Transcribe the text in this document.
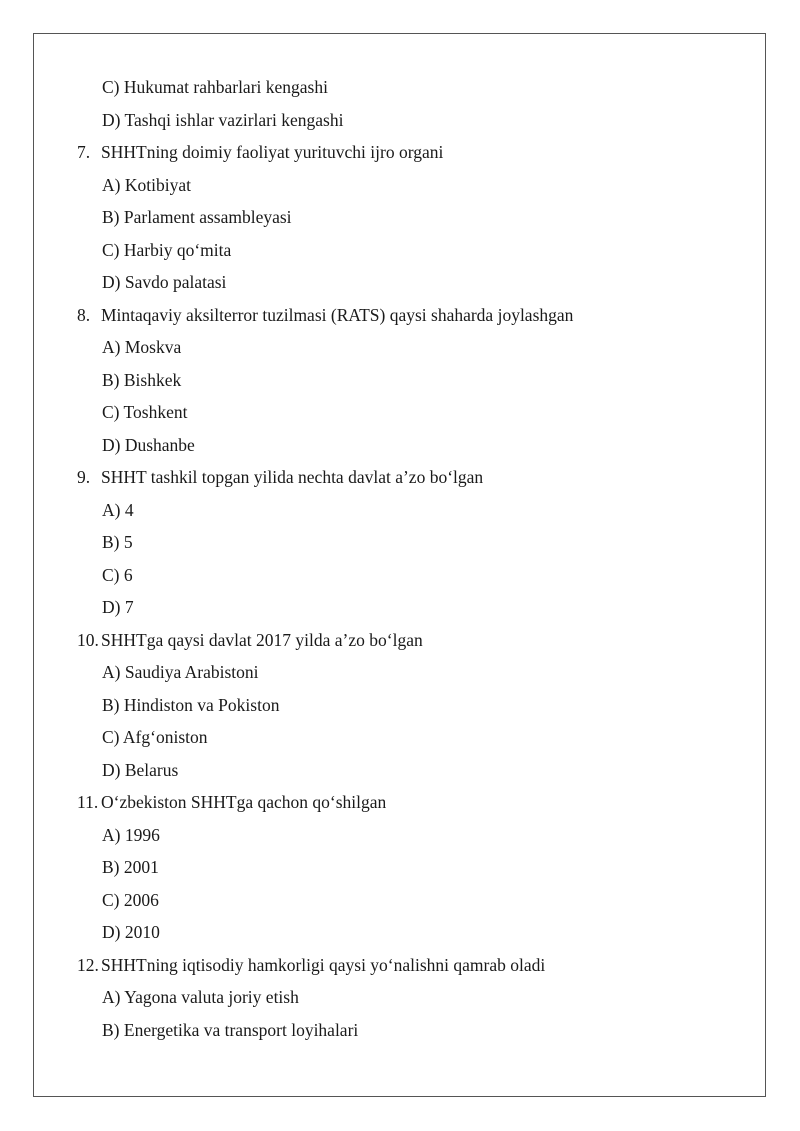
C) Hukumat rahbarlari kengashi
D) Tashqi ishlar vazirlari kengashi
7. SHHTning doimiy faoliyat yurituvchi ijro organi
A) Kotibiyat
B) Parlament assambleyasi
C) Harbiy qo‘mita
D) Savdo palatasi
8. Mintaqaviy aksilterror tuzilmasi (RATS) qaysi shaharda joylashgan
A) Moskva
B) Bishkek
C) Toshkent
D) Dushanbe
9. SHHT tashkil topgan yilida nechta davlat a’zo bo‘lgan
A) 4
B) 5
C) 6
D) 7
10. SHHTga qaysi davlat 2017 yilda a’zo bo‘lgan
A) Saudiya Arabistoni
B) Hindiston va Pokiston
C) Afg‘oniston
D) Belarus
11. O‘zbekiston SHHTga qachon qo‘shilgan
A) 1996
B) 2001
C) 2006
D) 2010
12. SHHTning iqtisodiy hamkorligi qaysi yo‘nalishni qamrab oladi
A) Yagona valuta joriy etish
B) Energetika va transport loyihalari
